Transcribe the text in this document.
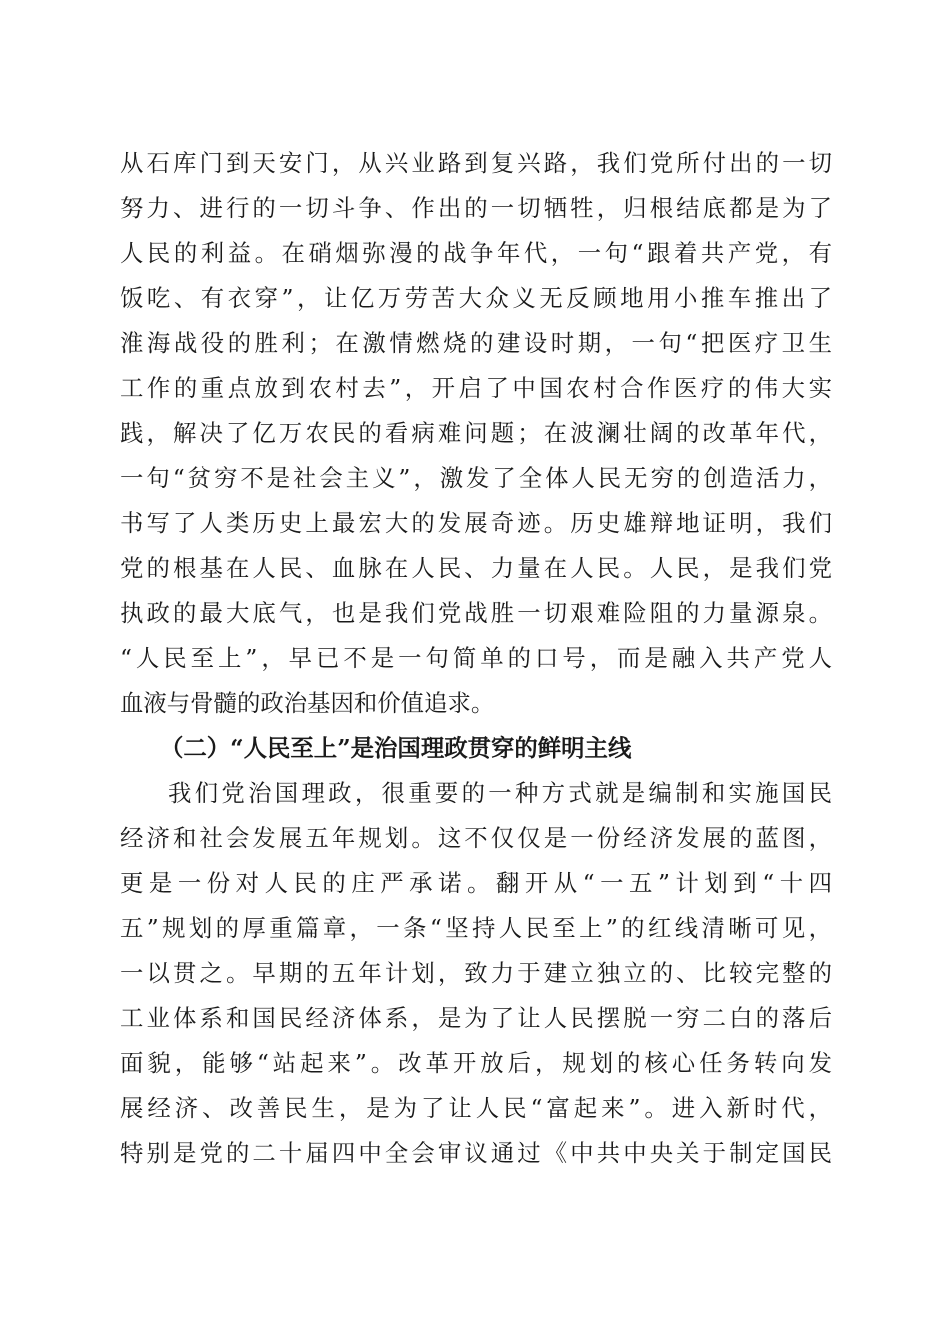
从石库门到天安门，从兴业路到复兴路，我们党所付出的一切
努力、进行的一切斗争、作出的一切牺牲，归根结底都是为了
人民的利益。在硝烟弥漫的战争年代，一句“跟着共产党，有
饭吃、有衣穿”，让亿万劳苦大众义无反顾地用小推车推出了
淮海战役的胜利；在激情燃烧的建设时期，一句“把医疗卫生
工作的重点放到农村去”，开启了中国农村合作医疗的伟大实
践，解决了亿万农民的看病难问题；在波澜壮阔的改革年代，
一句“贫穷不是社会主义”，激发了全体人民无穷的创造活力，
书写了人类历史上最宏大的发展奇迹。历史雄辩地证明，我们
党的根基在人民、血脉在人民、力量在人民。人民，是我们党
执政的最大底气，也是我们党战胜一切艰难险阻的力量源泉。
“人民至上”，早已不是一句简单的口号，而是融入共产党人
血液与骨髓的政治基因和价值追求。
（二）“人民至上”是治国理政贯穿的鲜明主线
我们党治国理政，很重要的一种方式就是编制和实施国民
经济和社会发展五年规划。这不仅仅是一份经济发展的蓝图，
更是一份对人民的庄严承诺。翻开从“一五”计划到“十四
五”规划的厚重篇章，一条“坚持人民至上”的红线清晰可见，
一以贯之。早期的五年计划，致力于建立独立的、比较完整的
工业体系和国民经济体系，是为了让人民摆脱一穷二白的落后
面貌，能够“站起来”。改革开放后，规划的核心任务转向发
展经济、改善民生，是为了让人民“富起来”。进入新时代，
特别是党的二十届四中全会审议通过《中共中央关于制定国民
